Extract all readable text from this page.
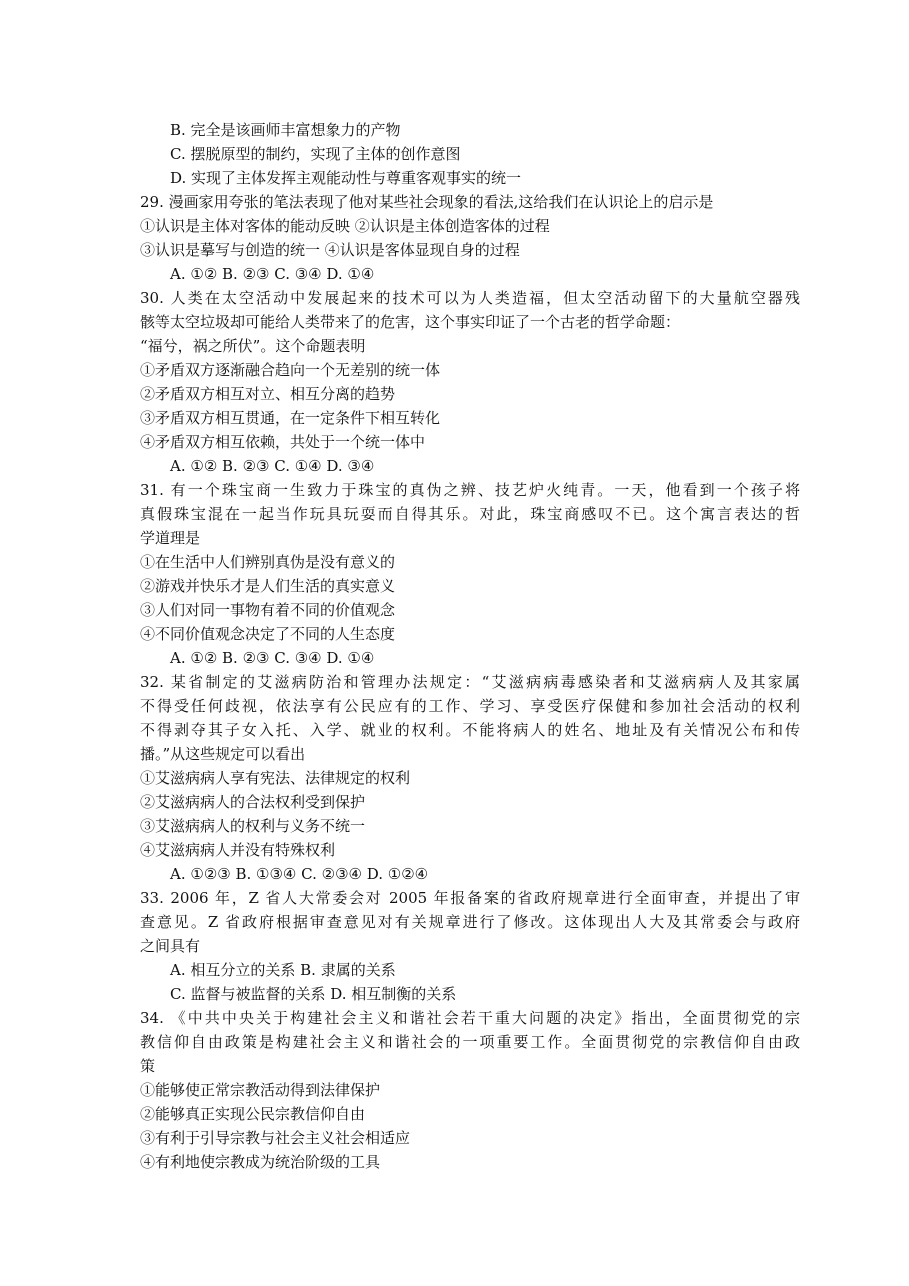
B. 完全是该画师丰富想象力的产物
C. 摆脱原型的制约，实现了主体的创作意图
D. 实现了主体发挥主观能动性与尊重客观事实的统一
29. 漫画家用夸张的笔法表现了他对某些社会现象的看法,这给我们在认识论上的启示是
①认识是主体对客体的能动反映 ②认识是主体创造客体的过程
③认识是摹写与创造的统一 ④认识是客体显现自身的过程
A. ①② B. ②③ C. ③④ D. ①④
30. 人类在太空活动中发展起来的技术可以为人类造福，但太空活动留下的大量航空器残
骸等太空垃圾却可能给人类带来了的危害，这个事实印证了一个古老的哲学命题：
“福兮，祸之所伏”。这个命题表明
①矛盾双方逐渐融合趋向一个无差别的统一体
②矛盾双方相互对立、相互分离的趋势
③矛盾双方相互贯通，在一定条件下相互转化
④矛盾双方相互依赖，共处于一个统一体中
A. ①② B. ②③ C. ①④ D. ③④
31. 有一个珠宝商一生致力于珠宝的真伪之辨、技艺炉火纯青。一天，他看到一个孩子将
真假珠宝混在一起当作玩具玩耍而自得其乐。对此，珠宝商感叹不已。这个寓言表达的哲
学道理是
①在生活中人们辨别真伪是没有意义的
②游戏并快乐才是人们生活的真实意义
③人们对同一事物有着不同的价值观念
④不同价值观念决定了不同的人生态度
A. ①② B. ②③ C. ③④ D. ①④
32. 某省制定的艾滋病防治和管理办法规定：“艾滋病病毒感染者和艾滋病病人及其家属
不得受任何歧视，依法享有公民应有的工作、学习、享受医疗保健和参加社会活动的权利
不得剥夺其子女入托、入学、就业的权利。不能将病人的姓名、地址及有关情况公布和传
播。”从这些规定可以看出
①艾滋病病人享有宪法、法律规定的权利
②艾滋病病人的合法权利受到保护
③艾滋病病人的权利与义务不统一
④艾滋病病人并没有特殊权利
A. ①②③ B. ①③④ C. ②③④ D. ①②④
33. 2006 年，Z 省人大常委会对 2005 年报备案的省政府规章进行全面审查，并提出了审
查意见。Z 省政府根据审查意见对有关规章进行了修改。这体现出人大及其常委会与政府
之间具有
A. 相互分立的关系 B. 隶属的关系
C. 监督与被监督的关系 D. 相互制衡的关系
34. 《中共中央关于构建社会主义和谐社会若干重大问题的决定》指出，全面贯彻党的宗
教信仰自由政策是构建社会主义和谐社会的一项重要工作。全面贯彻党的宗教信仰自由政
策
①能够使正常宗教活动得到法律保护
②能够真正实现公民宗教信仰自由
③有利于引导宗教与社会主义社会相适应
④有利地使宗教成为统治阶级的工具
